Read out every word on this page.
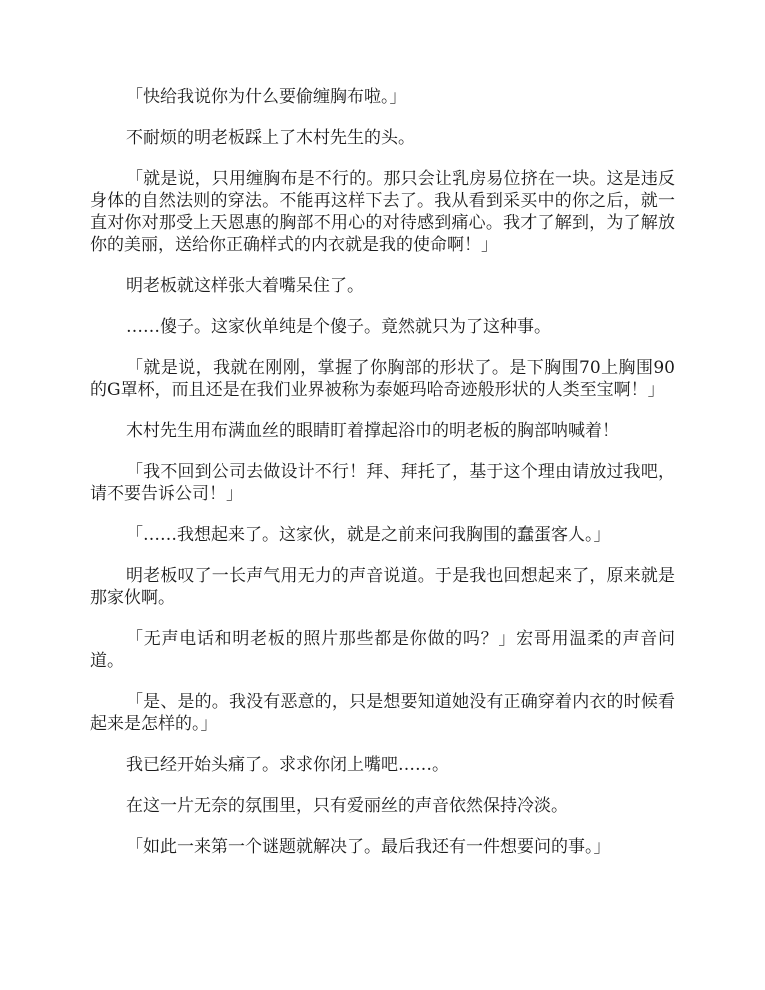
「快给我说你为什么要偷缠胸布啦。」

不耐烦的明老板踩上了木村先生的头。

「就是说，只用缠胸布是不行的。那只会让乳房易位挤在一块。这是违反身体的自然法则的穿法。不能再这样下去了。我从看到采买中的你之后，就一直对你对那受上天恩惠的胸部不用心的对待感到痛心。我才了解到，为了解放你的美丽，送给你正确样式的内衣就是我的使命啊！」

明老板就这样张大着嘴呆住了。

……傻子。这家伙单纯是个傻子。竟然就只为了这种事。

「就是说，我就在刚刚，掌握了你胸部的形状了。是下胸围70上胸围90的G罩杯，而且还是在我们业界被称为泰姬玛哈奇迹般形状的人类至宝啊！」

木村先生用布满血丝的眼睛盯着撑起浴巾的明老板的胸部呐喊着！

「我不回到公司去做设计不行！拜、拜托了，基于这个理由请放过我吧，请不要告诉公司！」

「……我想起来了。这家伙，就是之前来问我胸围的蠢蛋客人。」

明老板叹了一长声气用无力的声音说道。于是我也回想起来了，原来就是那家伙啊。

「无声电话和明老板的照片那些都是你做的吗？」宏哥用温柔的声音问道。

「是、是的。我没有恶意的，只是想要知道她没有正确穿着内衣的时候看起来是怎样的。」

我已经开始头痛了。求求你闭上嘴吧……。

在这一片无奈的氛围里，只有爱丽丝的声音依然保持冷淡。

「如此一来第一个谜题就解决了。最后我还有一件想要问的事。」
